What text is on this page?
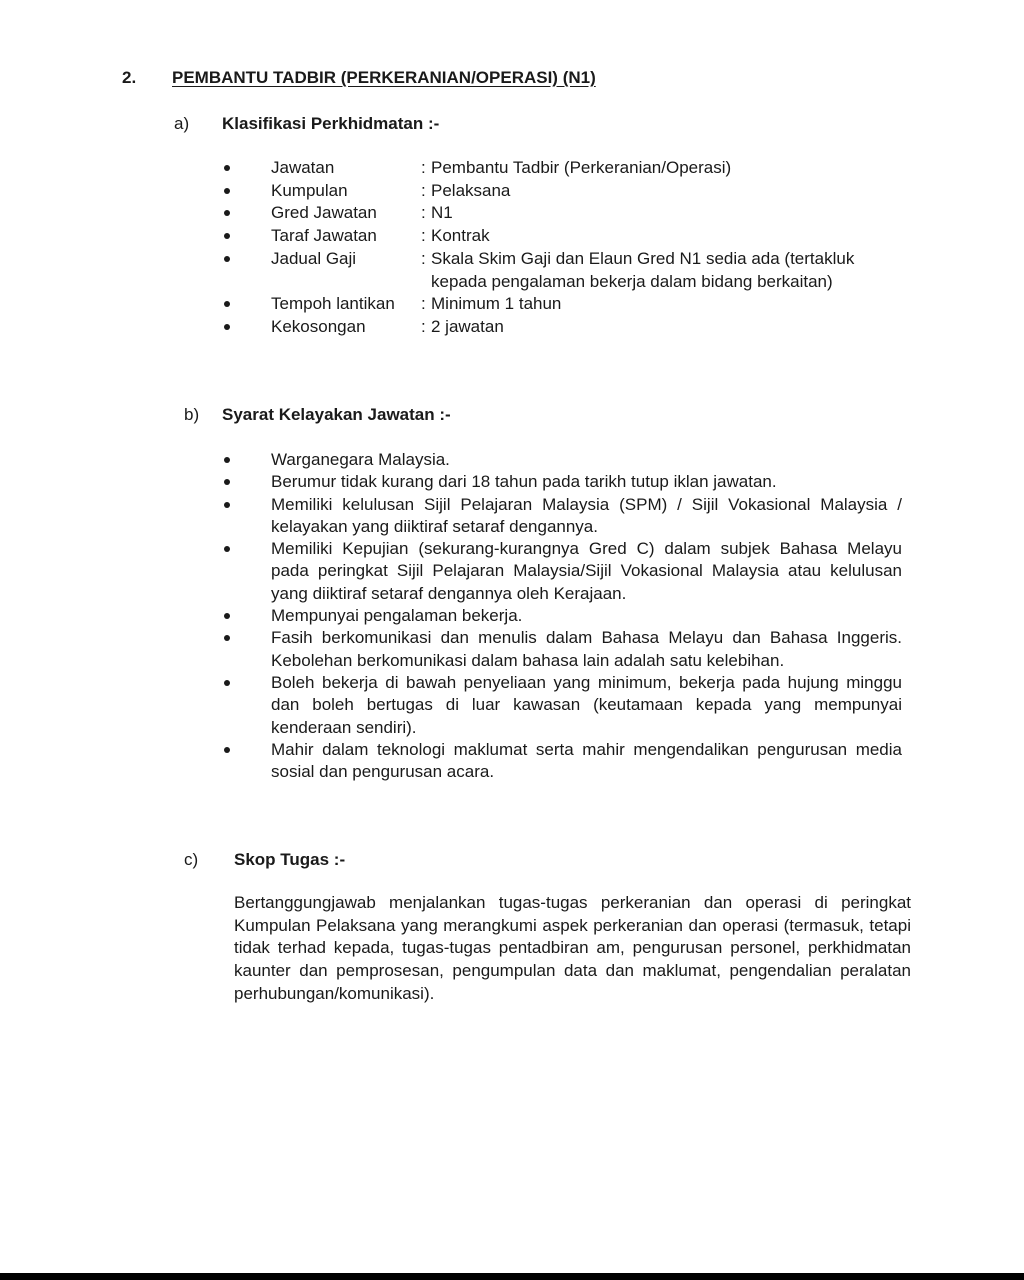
2.	PEMBANTU TADBIR (PERKERANIAN/OPERASI) (N1)
a)	Klasifikasi Perkhidmatan :-
Jawatan	: Pembantu Tadbir (Perkeranian/Operasi)
Kumpulan	: Pelaksana
Gred Jawatan	: N1
Taraf Jawatan	: Kontrak
Jadual Gaji	: Skala Skim Gaji dan Elaun Gred N1 sedia ada (tertakluk kepada pengalaman bekerja dalam bidang berkaitan)
Tempoh lantikan	: Minimum 1 tahun
Kekosongan	: 2 jawatan
b)	Syarat Kelayakan Jawatan :-
Warganegara Malaysia.
Berumur tidak kurang dari 18 tahun pada tarikh tutup iklan jawatan.
Memiliki kelulusan Sijil Pelajaran Malaysia (SPM) / Sijil Vokasional Malaysia / kelayakan yang diiktiraf setaraf dengannya.
Memiliki Kepujian (sekurang-kurangnya Gred C) dalam subjek Bahasa Melayu pada peringkat Sijil Pelajaran Malaysia/Sijil Vokasional Malaysia atau kelulusan yang diiktiraf setaraf dengannya oleh Kerajaan.
Mempunyai pengalaman bekerja.
Fasih berkomunikasi dan menulis dalam Bahasa Melayu dan Bahasa Inggeris. Kebolehan berkomunikasi dalam bahasa lain adalah satu kelebihan.
Boleh bekerja di bawah penyeliaan yang minimum, bekerja pada hujung minggu dan boleh bertugas di luar kawasan (keutamaan kepada yang mempunyai kenderaan sendiri).
Mahir dalam teknologi maklumat serta mahir mengendalikan pengurusan media sosial dan pengurusan acara.
c)	Skop Tugas :-

Bertanggungjawab menjalankan tugas-tugas perkeranian dan operasi di peringkat Kumpulan Pelaksana yang merangkumi aspek perkeranian dan operasi (termasuk, tetapi tidak terhad kepada, tugas-tugas pentadbiran am, pengurusan personel, perkhidmatan kaunter dan pemprosesan, pengumpulan data dan maklumat, pengendalian peralatan perhubungan/komunikasi).
